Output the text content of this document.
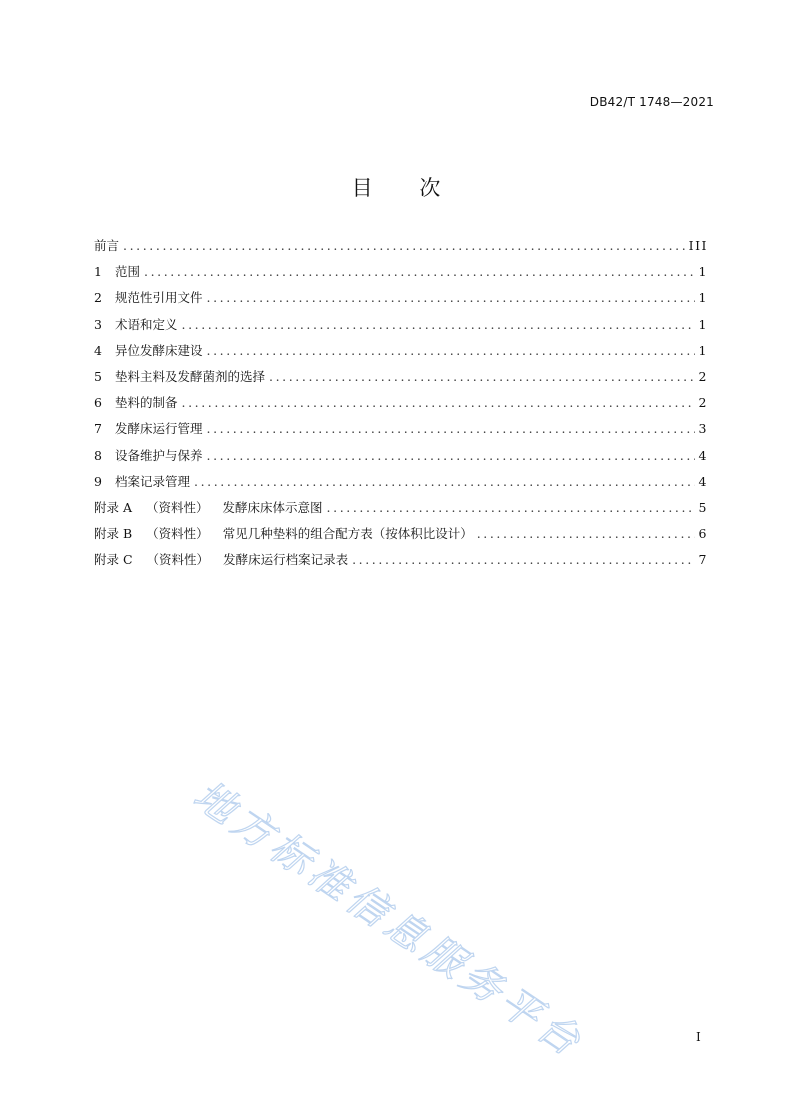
DB42/T 1748—2021
目 次
前言 .....	III
1 范围 .....	1
2 规范性引用文件 .....	1
3 术语和定义 .....	1
4 异位发酵床建设 .....	1
5 垫料主料及发酵菌剂的选择 .....	2
6 垫料的制备 .....	2
7 发酵床运行管理 .....	3
8 设备维护与保养 .....	4
9 档案记录管理 .....	4
附录 A （资料性） 发酵床床体示意图 .....	5
附录 B （资料性） 常见几种垫料的组合配方表（按体积比设计） .....	6
附录 C （资料性） 发酵床运行档案记录表 .....	7
地方标准信息服务平台	I
